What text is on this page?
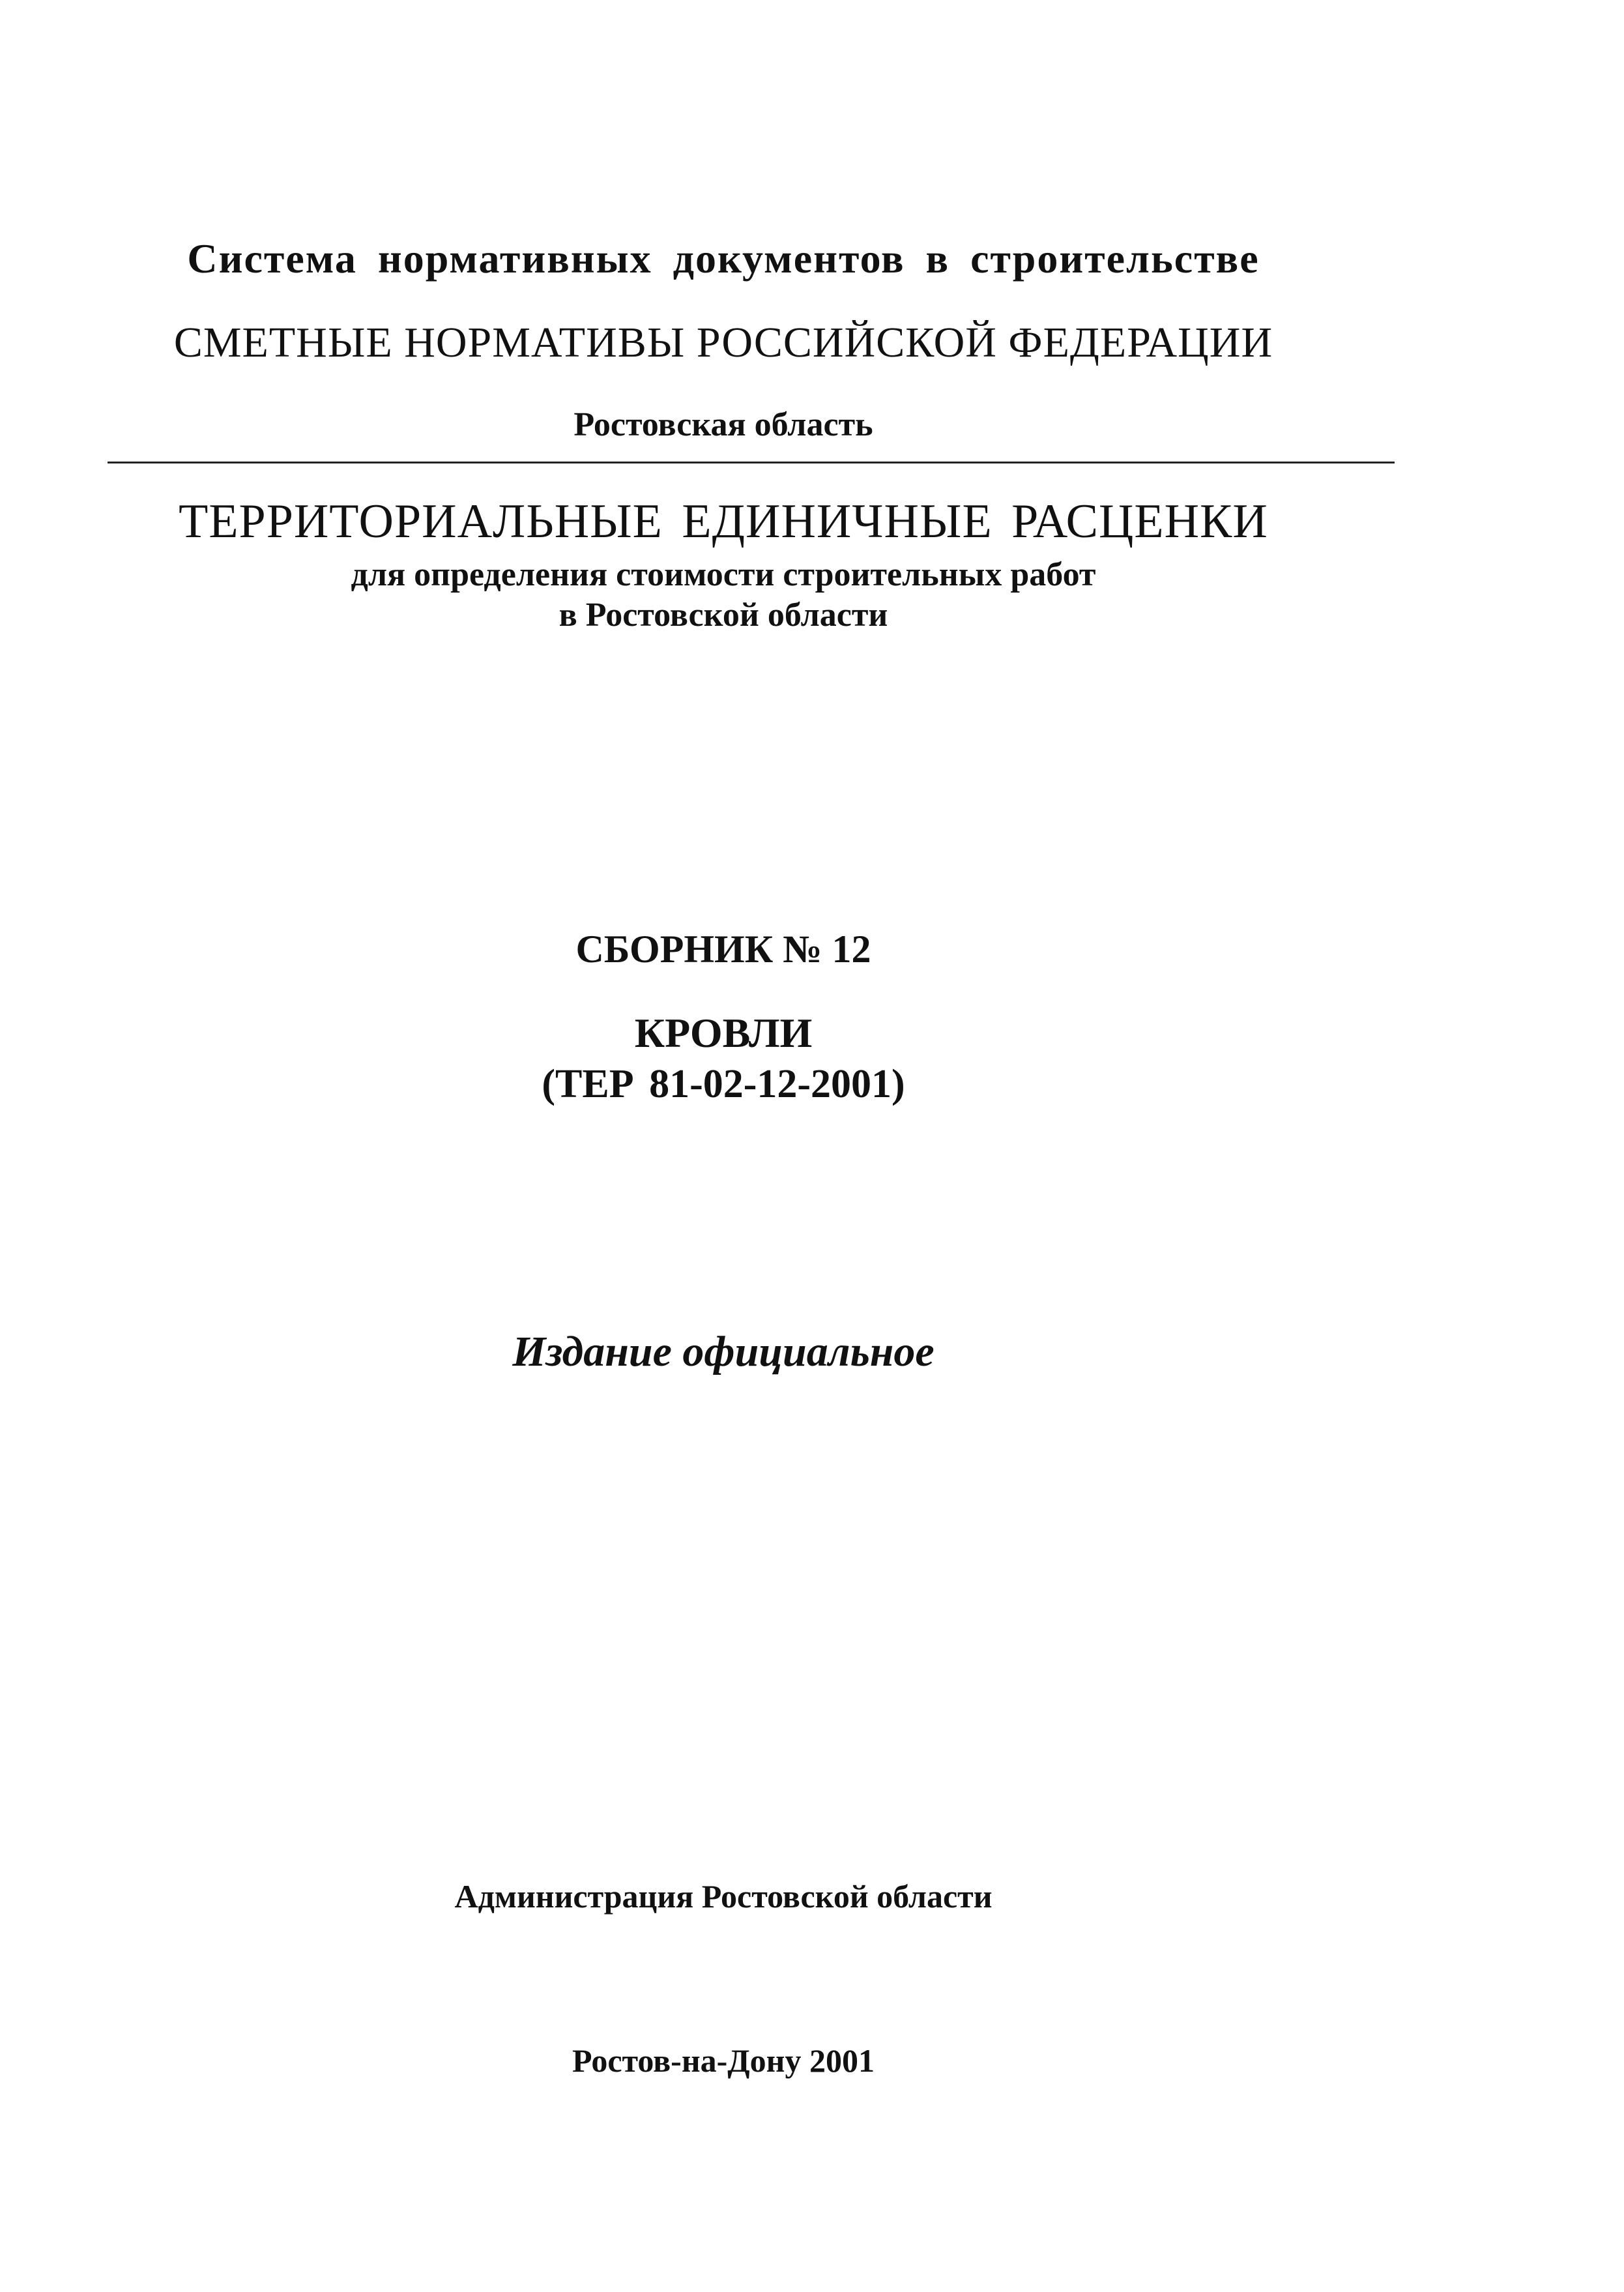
Система нормативных документов в строительстве
СМЕТНЫЕ НОРМАТИВЫ РОССИЙСКОЙ ФЕДЕРАЦИИ
Ростовская область
ТЕРРИТОРИАЛЬНЫЕ ЕДИНИЧНЫЕ РАСЦЕНКИ
для определения стоимости строительных работ
в Ростовской области
СБОРНИК № 12
КРОВЛИ
(ТЕР 81-02-12-2001)
Издание официальное
Администрация Ростовской области
Ростов-на-Дону 2001
